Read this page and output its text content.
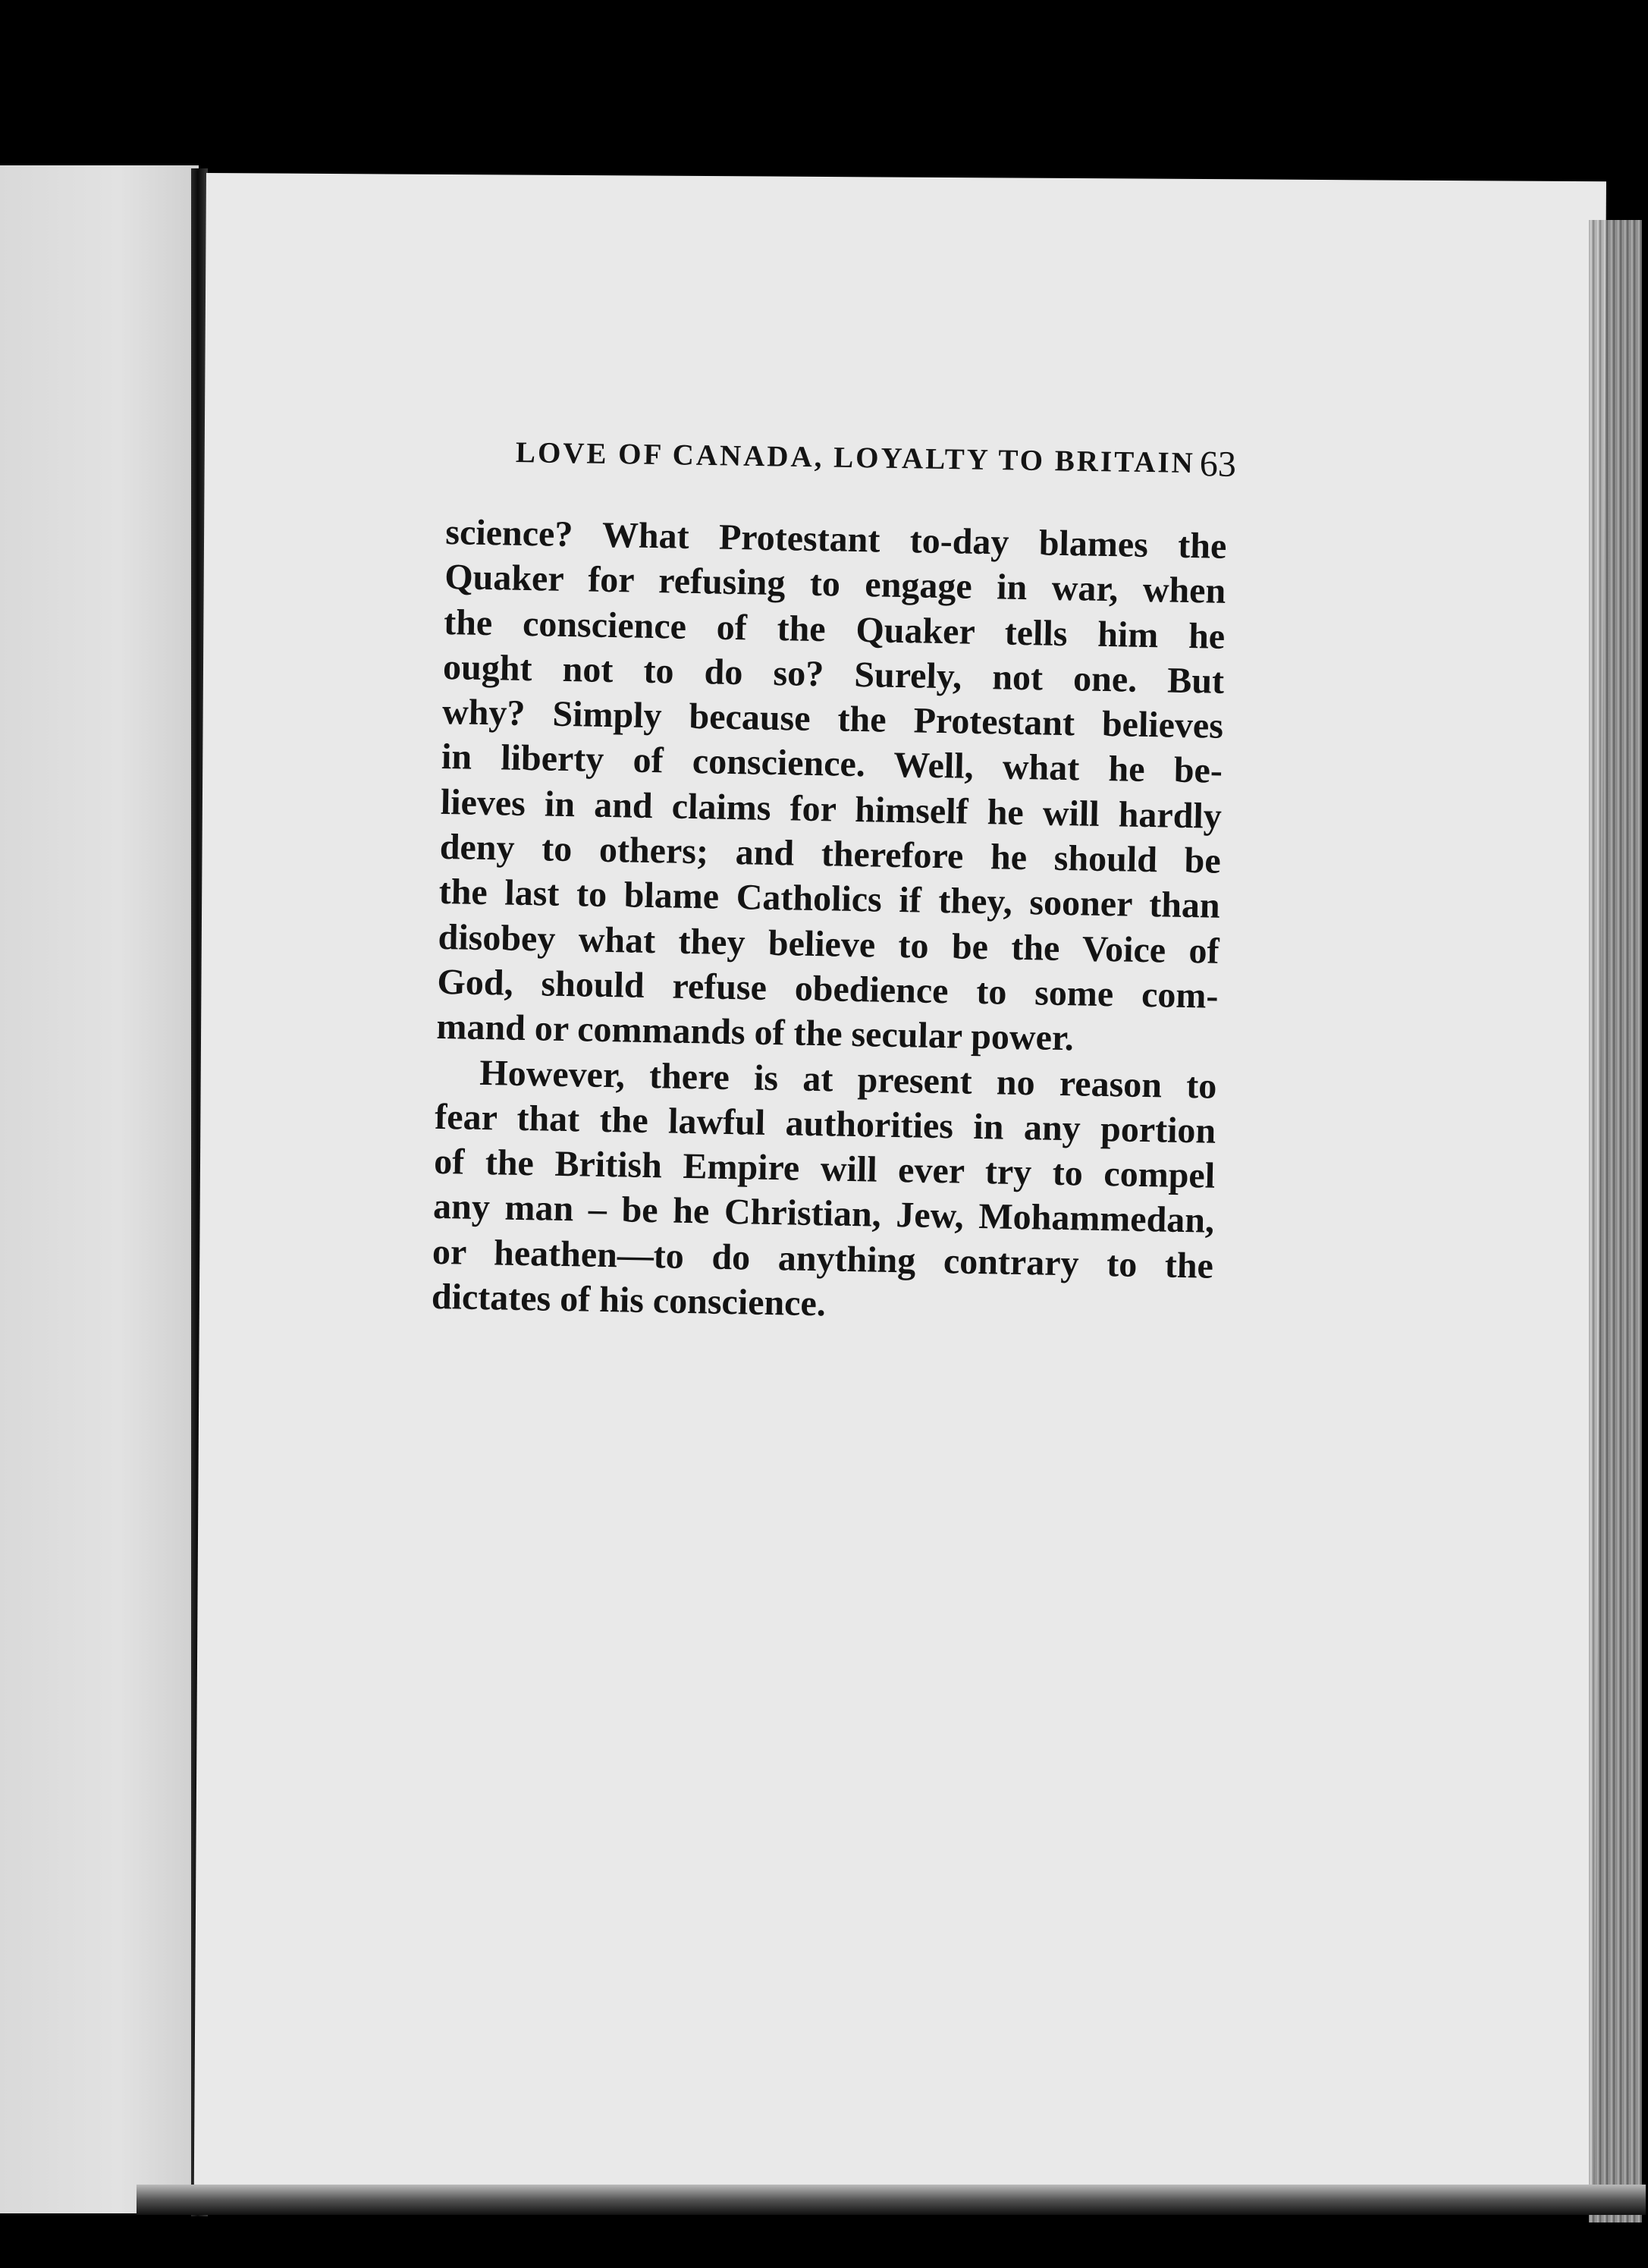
LOVE OF CANADA, LOYALTY TO BRITAIN 63
science? What Protestant to-day blames the
Quaker for refusing to engage in war, when
the conscience of the Quaker tells him he
ought not to do so? Surely, not one. But
why? Simply because the Protestant believes
in liberty of conscience. Well, what he be-
lieves in and claims for himself he will hardly
deny to others; and therefore he should be
the last to blame Catholics if they, sooner than
disobey what they believe to be the Voice of
God, should refuse obedience to some com-
mand or commands of the secular power.
However, there is at present no reason to
fear that the lawful authorities in any portion
of the British Empire will ever try to compel
any man – be he Christian, Jew, Mohammedan,
or heathen—to do anything contrary to the
dictates of his conscience.
